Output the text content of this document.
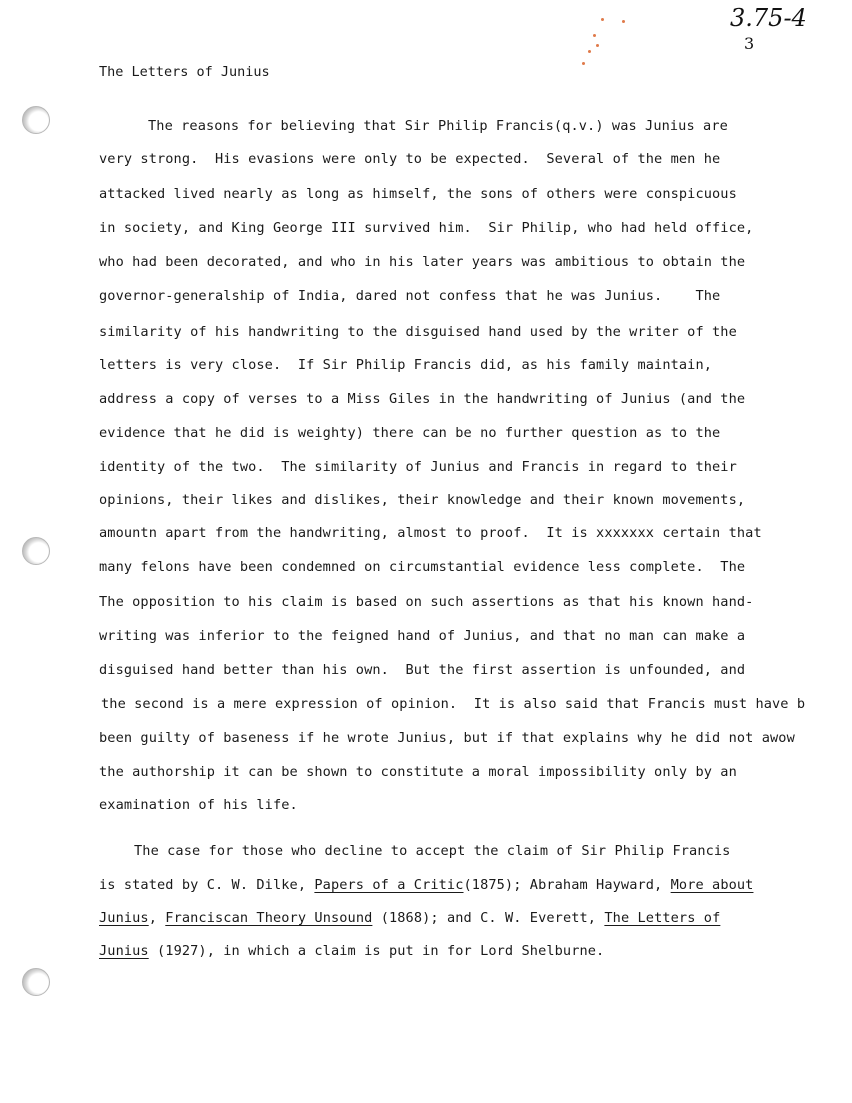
3.75-4
3
The Letters of Junius
The reasons for believing that Sir Philip Francis(q.v.) was Junius are
very strong.  His evasions were only to be expected.  Several of the men he
attacked lived nearly as long as himself, the sons of others were conspicuous
in society, and King George III survived him.  Sir Philip, who had held office,
who had been decorated, and who in his later years was ambitious to obtain the
governor-generalship of India, dared not confess that he was Junius.    The
similarity of his handwriting to the disguised hand used by the writer of the
letters is very close.  If Sir Philip Francis did, as his family maintain,
address a copy of verses to a Miss Giles in the handwriting of Junius (and the
evidence that he did is weighty) there can be no further question as to the
identity of the two.  The similarity of Junius and Francis in regard to their
opinions, their likes and dislikes, their knowledge and their known movements,
amountn apart from the handwriting, almost to proof.  It is xxxxxxx certain that
many felons have been condemned on circumstantial evidence less complete.  The
The opposition to his claim is based on such assertions as that his known hand-
writing was inferior to the feigned hand of Junius, and that no man can make a
disguised hand better than his own.  But the first assertion is unfounded, and
the second is a mere expression of opinion.  It is also said that Francis must have b
been guilty of baseness if he wrote Junius, but if that explains why he did not awow
the authorship it can be shown to constitute a moral impossibility only by an
examination of his life.
The case for those who decline to accept the claim of Sir Philip Francis
is stated by C. W. Dilke, Papers of a Critic(1875); Abraham Hayward, More about
Junius, Franciscan Theory Unsound (1868); and C. W. Everett, The Letters of
Junius (1927), in which a claim is put in for Lord Shelburne.
